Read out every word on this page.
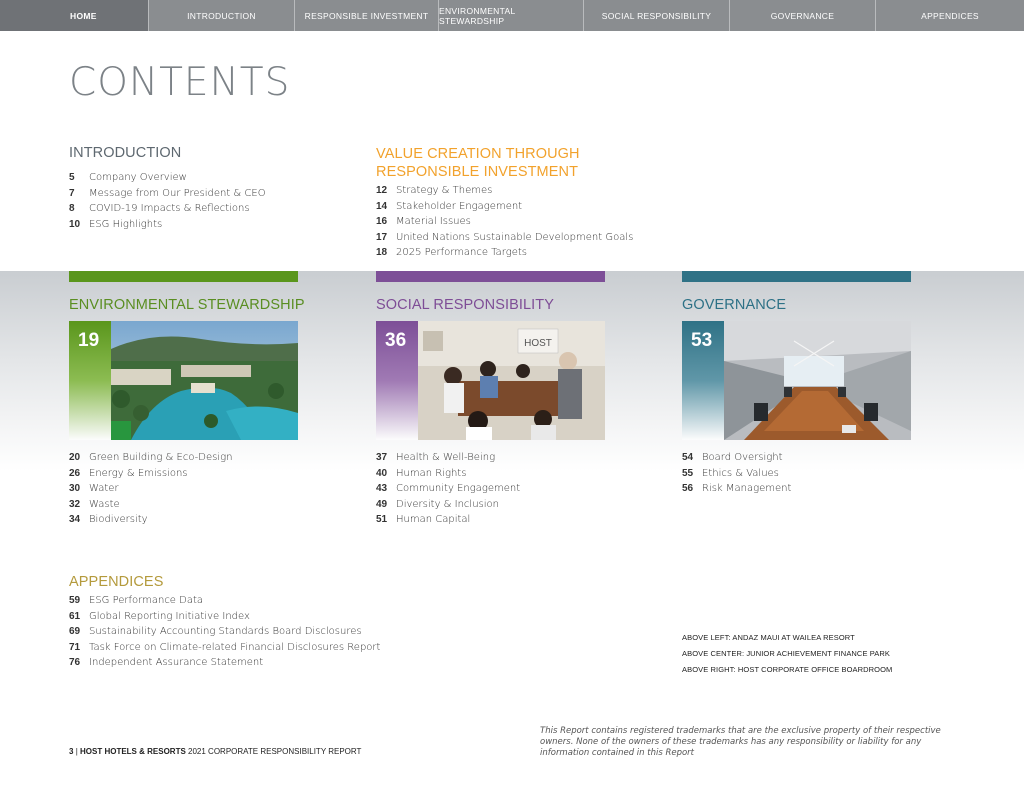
HOME	INTRODUCTION	RESPONSIBLE INVESTMENT	ENVIRONMENTAL STEWARDSHIP	SOCIAL RESPONSIBILITY	GOVERNANCE	APPENDICES
CONTENTS
INTRODUCTION
5 Company Overview
7 Message from Our President & CEO
8 COVID-19 Impacts & Reflections
10 ESG Highlights
VALUE CREATION THROUGH
RESPONSIBLE INVESTMENT
12 Strategy & Themes
14 Stakeholder Engagement
16 Material Issues
17 United Nations Sustainable Development Goals
18 2025 Performance Targets
ENVIRONMENTAL STEWARDSHIP	SOCIAL RESPONSIBILITY	GOVERNANCE
19	36	HOST	53
20 Green Building & Eco-Design
26 Energy & Emissions
30 Water
32 Waste
34 Biodiversity
37 Health & Well-Being
40 Human Rights
43 Community Engagement
49 Diversity & Inclusion
51 Human Capital
54 Board Oversight
55 Ethics & Values
56 Risk Management
APPENDICES
59 ESG Performance Data
61 Global Reporting Initiative Index
69 Sustainability Accounting Standards Board Disclosures
71 Task Force on Climate-related Financial Disclosures Report
76 Independent Assurance Statement
ABOVE LEFT: ANDAZ MAUI AT WAILEA RESORT
ABOVE CENTER: JUNIOR ACHIEVEMENT FINANCE PARK
ABOVE RIGHT: HOST CORPORATE OFFICE BOARDROOM
3 | HOST HOTELS & RESORTS 2021 CORPORATE RESPONSIBILITY REPORT
This Report contains registered trademarks that are the exclusive property of their respective owners. None of the owners of these trademarks has any responsibility or liability for any information contained in this Report
